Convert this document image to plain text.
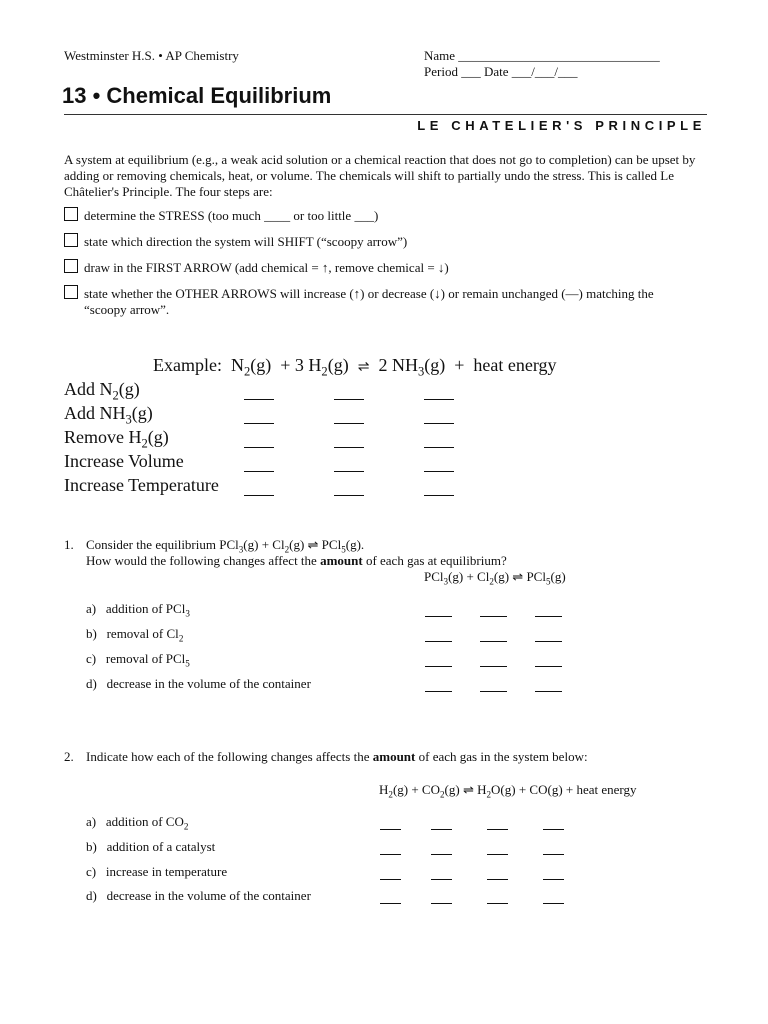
Westminster H.S. • AP Chemistry	Name _______________________________
Period ___ Date ___/___/___
13 • Chemical Equilibrium
LE CHATELIER'S PRINCIPLE
A system at equilibrium (e.g., a weak acid solution or a chemical reaction that does not go to completion) can be upset by adding or removing chemicals, heat, or volume. The chemicals will shift to partially undo the stress. This is called Le Châtelier's Principle. The four steps are:
determine the STRESS (too much ____ or too little ___)
state which direction the system will SHIFT (“scoopy arrow”)
draw in the FIRST ARROW (add chemical = ↑, remove chemical = ↓)
state whether the OTHER ARROWS will increase (↑) or decrease (↓) or remain unchanged (—) matching the
“scoopy arrow”.
Example:  $N_2(g) + 3$ $H_2(g)$  ⇌  2 $NH_3(g)$  +  heat energy
Add $N_2(g)$
Add $NH_3(g)$
Remove $H_2(g)$
Increase Volume
Increase Temperature
1. Consider the equilibrium $PCl_3(g) + Cl_2(g)$ ⇌ PCl$_5$(g).
How would the following changes affect the amount of each gas at equilibrium?
$PCl_3(g) + Cl_2(g)$ ⇌ PCl$_5$(g)
a) addition of PCl$_3$
b) removal of $Cl_2$
c) removal of PCl$_5$
d) decrease in the volume of the container
2. Indicate how each of the following changes affects the amount of each gas in the system below:
$H_2(g) + CO_2(g)$ ⇌ $H_2O(g) + CO(g)$ + heat energy
a) addition of $CO_2$
b) addition of a catalyst
c) increase in temperature
d) decrease in the volume of the container
